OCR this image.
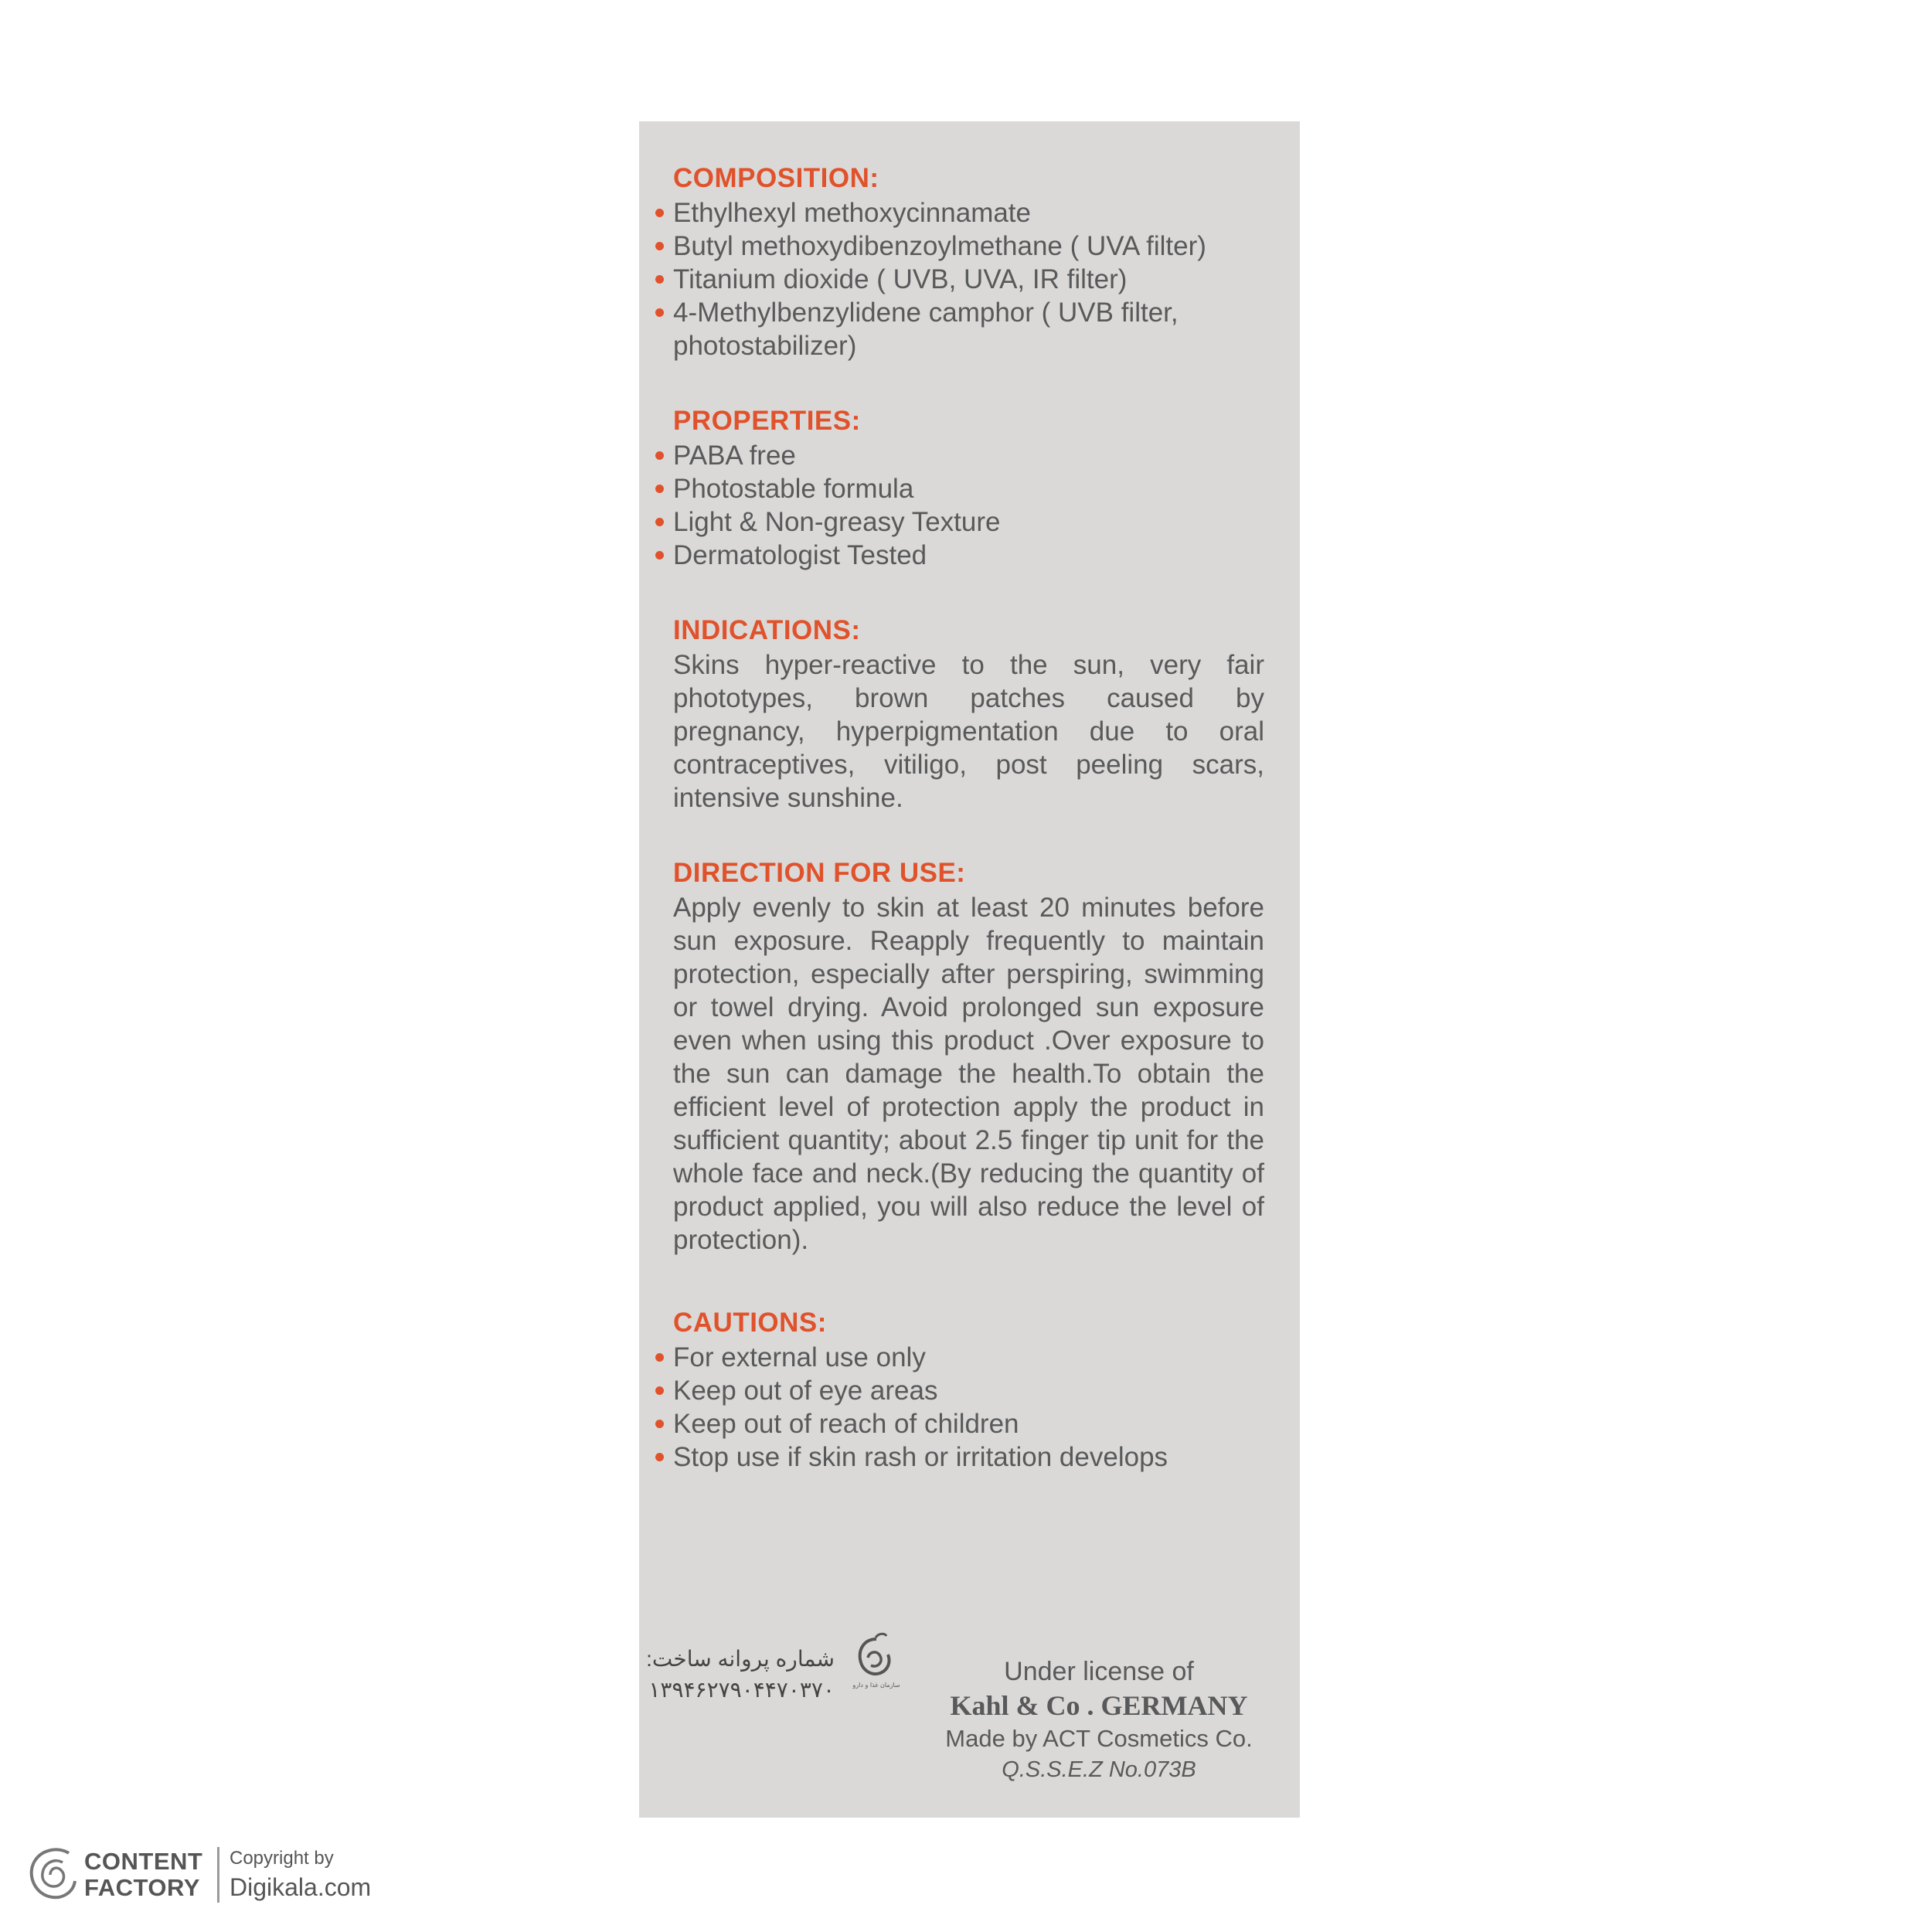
COMPOSITION:
Ethylhexyl methoxycinnamate
Butyl methoxydibenzoylmethane ( UVA filter)
Titanium dioxide ( UVB, UVA, IR filter)
4-Methylbenzylidene camphor ( UVB filter, photostabilizer)
PROPERTIES:
PABA free
Photostable formula
Light & Non-greasy Texture
Dermatologist Tested
INDICATIONS:
Skins hyper-reactive to the sun, very fair phototypes, brown patches caused by pregnancy, hyperpigmentation due to oral contraceptives, vitiligo, post peeling scars, intensive sunshine.
DIRECTION FOR USE:
Apply evenly to skin at least 20 minutes before sun exposure. Reapply frequently to maintain protection, especially after perspiring, swimming or towel drying. Avoid prolonged sun exposure even when using this product .Over exposure to the sun can damage the health.To obtain the efficient level of protection apply the product in sufficient quantity; about 2.5 finger tip unit for the whole face and neck.(By reducing the quantity of product applied, you will also reduce the level of protection).
CAUTIONS:
For external use only
Keep out of eye areas
Keep out of reach of children
Stop use if skin rash or irritation develops
شماره پروانه ساخت:
۱۳۹۴۶۲۷۹۰۴۴۷۰۳۷۰	سازمان غذا و دارو	Under license of
Kahl & Co . GERMANY
Made by ACT Cosmetics Co.
Q.S.S.E.Z No.073B
CONTENT
FACTORY
Copyright by
Digikala.com
